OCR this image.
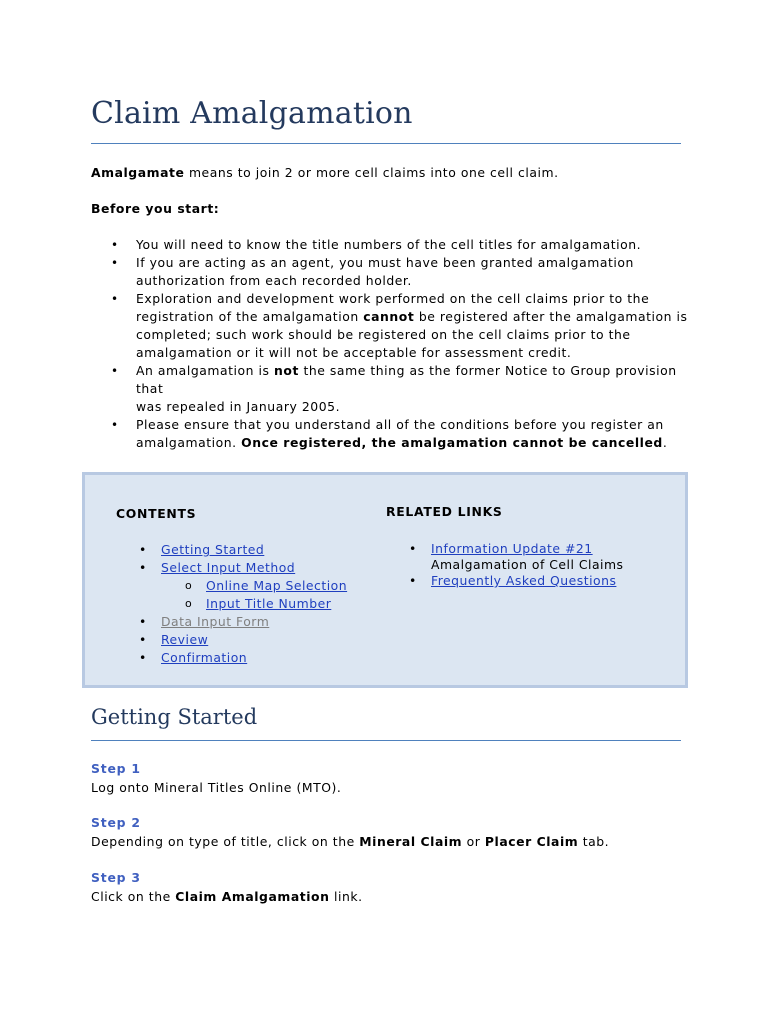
Claim Amalgamation

Amalgamate means to join 2 or more cell claims into one cell claim.

Before you start:

• You will need to know the title numbers of the cell titles for amalgamation.
• If you are acting as an agent, you must have been granted amalgamation
authorization from each recorded holder.
• Exploration and development work performed on the cell claims prior to the
registration of the amalgamation cannot be registered after the amalgamation is
completed; such work should be registered on the cell claims prior to the
amalgamation or it will not be acceptable for assessment credit.
• An amalgamation is not the same thing as the former Notice to Group provision that
was repealed in January 2005.
• Please ensure that you understand all of the conditions before you register an
amalgamation. Once registered, the amalgamation cannot be cancelled.
Getting Started

Step 1

Log onto Mineral Titles Online (MTO).

Step 2

Depending on type of title, click on the Mineral Claim or Placer Claim tab.

Step 3

Click on the Claim Amalgamation link.

CONTENTS

• Getting Started
• Select Input Method
o Online Map Selection
o Input Title Number
• Data Input Form
• Review
• Confirmation

RELATED LINKS

• Information Update #21
Amalgamation of Cell Claims
• Frequently Asked Questions
